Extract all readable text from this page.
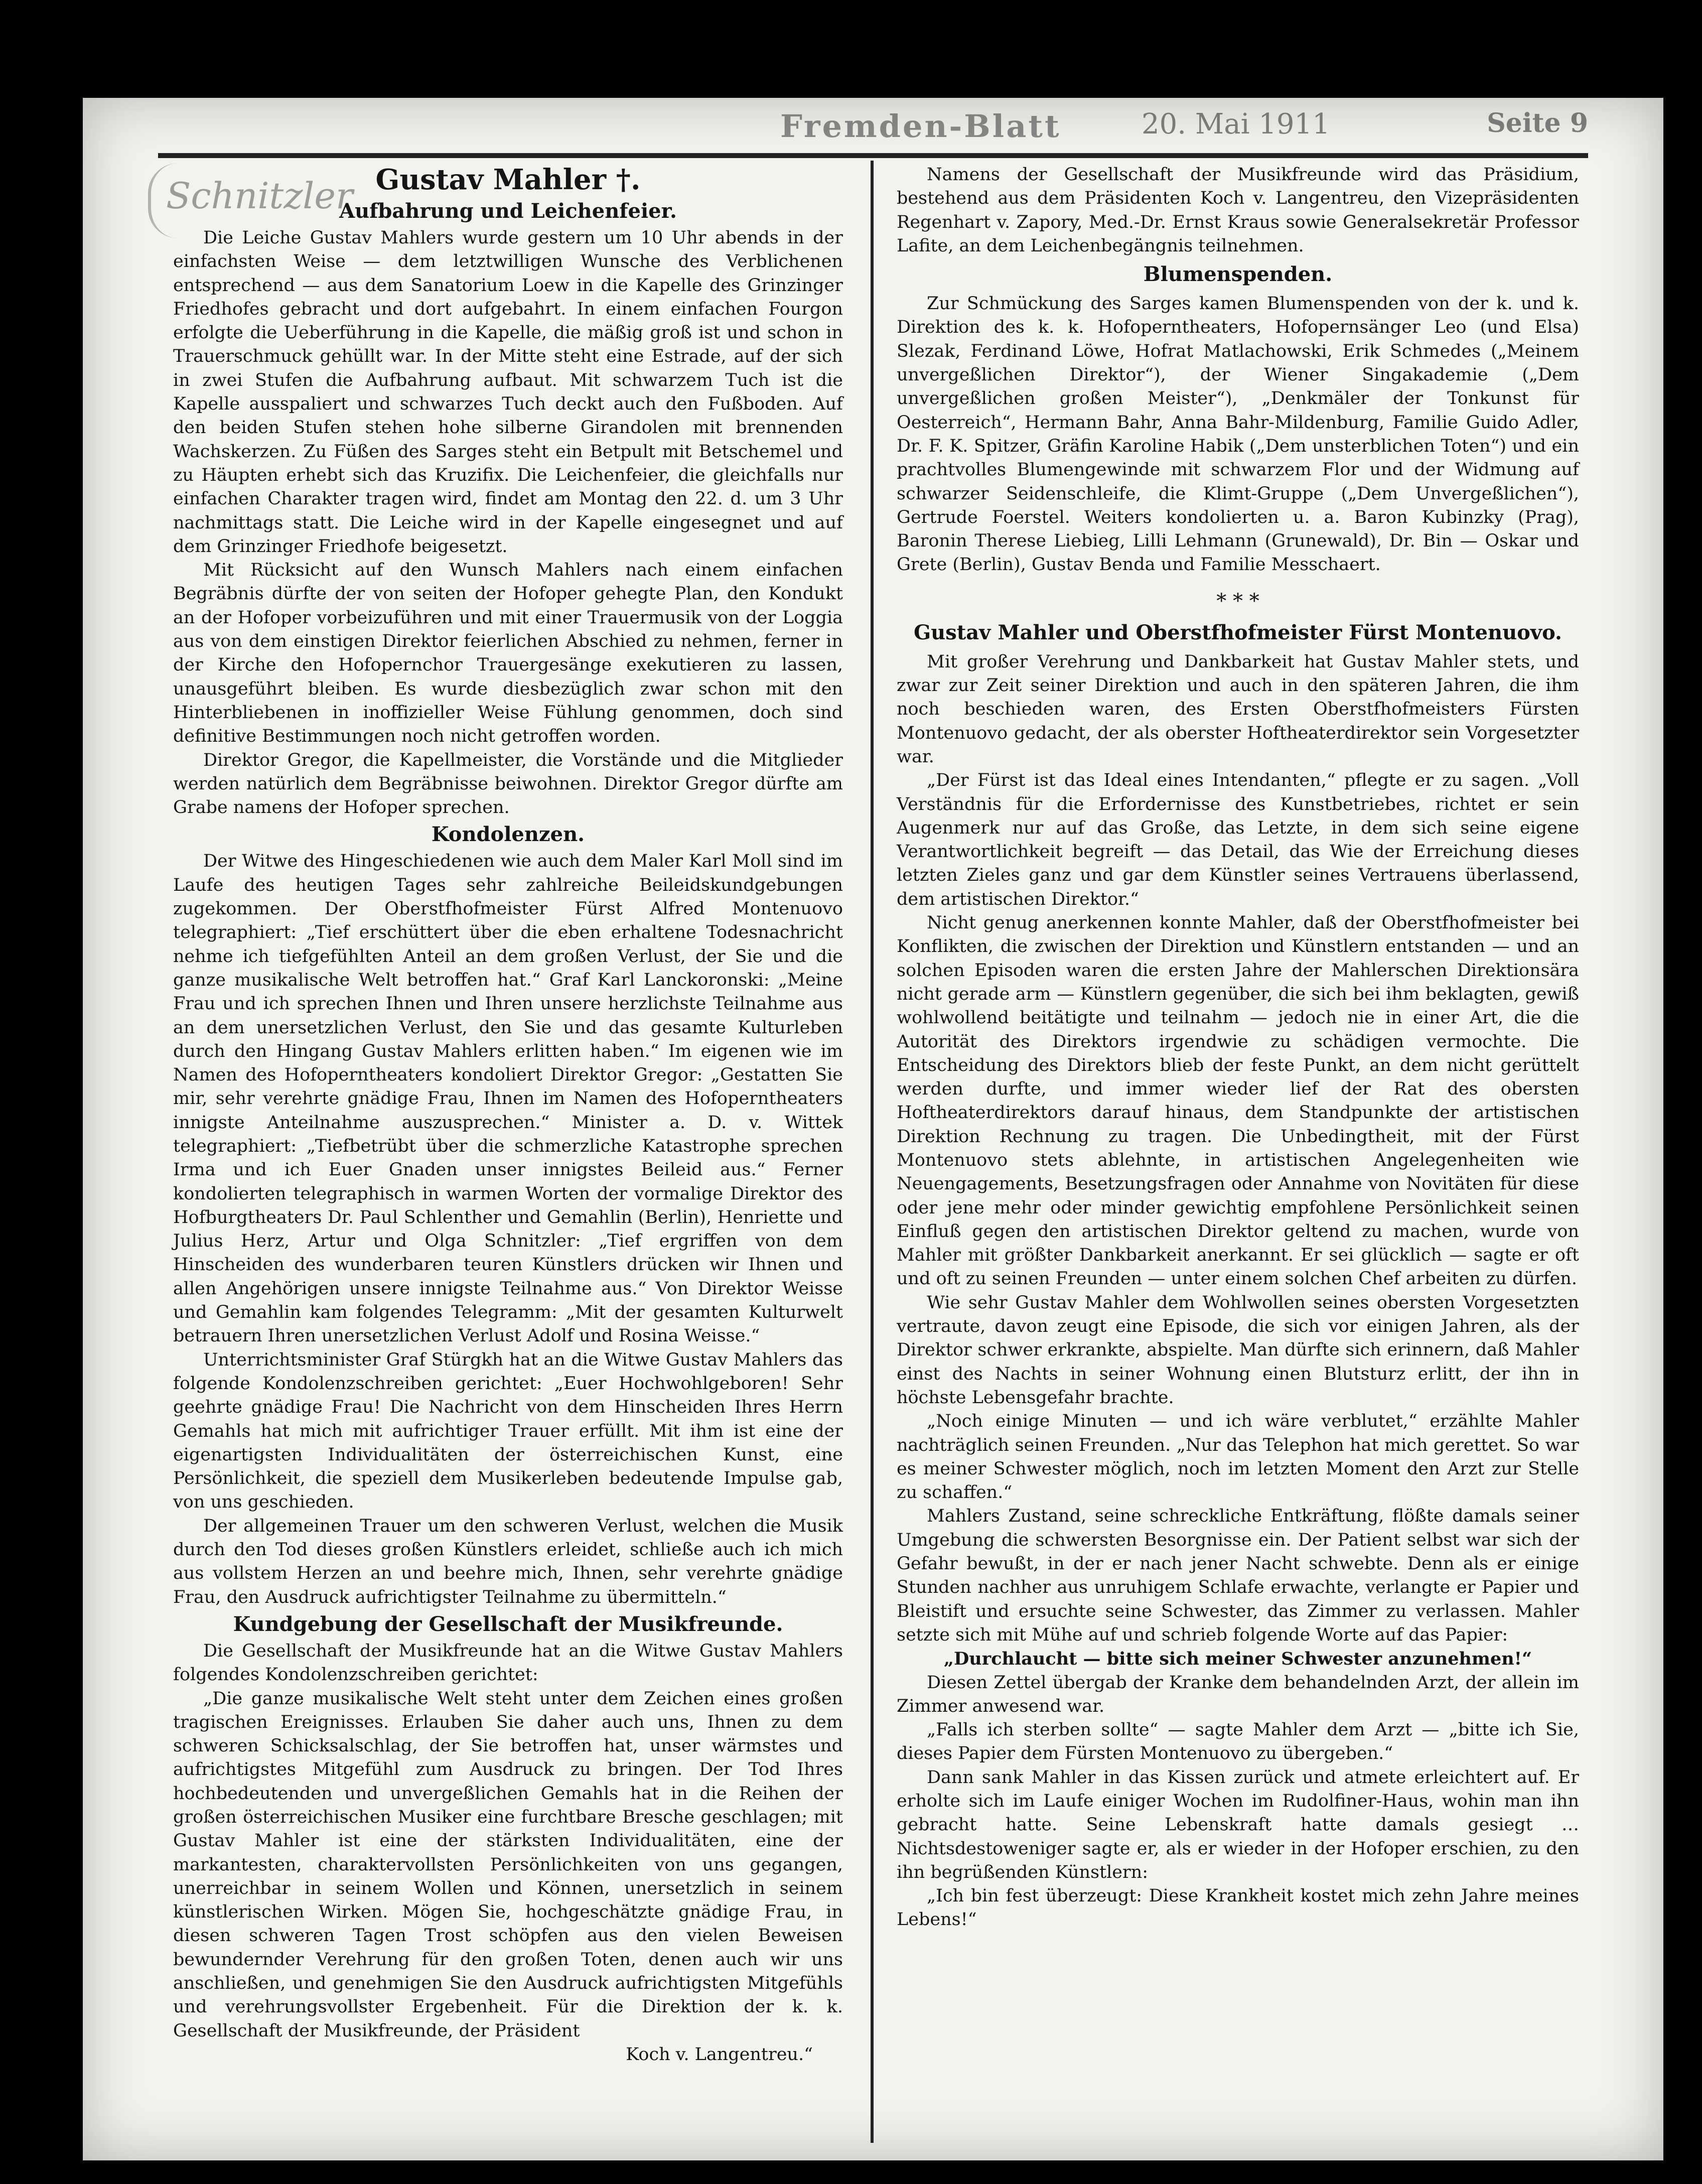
Fremden-Blatt	20. Mai 1911	Seite 9
Schnitzler Gustav Mahler †.
Aufbahrung und Leichenfeier.

Die Leiche Gustav Mahlers wurde gestern um 10 Uhr abends in der einfachsten Weise — dem letztwilligen Wunsche des Verblichenen entsprechend — aus dem Sanatorium Loew in die Kapelle des Grinzinger Friedhofes gebracht und dort aufgebahrt. In einem einfachen Fourgon erfolgte die Ueberführung in die Kapelle, die mäßig groß ist und schon in Trauerschmuck gehüllt war. In der Mitte steht eine Estrade, auf der sich in zwei Stufen die Aufbahrung aufbaut. Mit schwarzem Tuch ist die Kapelle ausspaliert und schwarzes Tuch deckt auch den Fußboden. Auf den beiden Stufen stehen hohe silberne Girandolen mit brennenden Wachskerzen. Zu Füßen des Sarges steht ein Betpult mit Betschemel und zu Häupten erhebt sich das Kruzifix. Die Leichenfeier, die gleichfalls nur einfachen Charakter tragen wird, findet am Montag den 22. d. um 3 Uhr nachmittags statt. Die Leiche wird in der Kapelle eingesegnet und auf dem Grinzinger Friedhofe beigesetzt.

Mit Rücksicht auf den Wunsch Mahlers nach einem einfachen Begräbnis dürfte der von seiten der Hofoper gehegte Plan, den Kondukt an der Hofoper vorbeizuführen und mit einer Trauermusik von der Loggia aus von dem einstigen Direktor feierlichen Abschied zu nehmen, ferner in der Kirche den Hofopernchor Trauergesänge exekutieren zu lassen, unausgeführt bleiben. Es wurde diesbezüglich zwar schon mit den Hinterbliebenen in inoffizieller Weise Fühlung genommen, doch sind definitive Bestimmungen noch nicht getroffen worden.

Direktor Gregor, die Kapellmeister, die Vorstände und die Mitglieder werden natürlich dem Begräbnisse beiwohnen. Direktor Gregor dürfte am Grabe namens der Hofoper sprechen.

Kondolenzen.

Der Witwe des Hingeschiedenen wie auch dem Maler Karl Moll sind im Laufe des heutigen Tages sehr zahlreiche Beileidskundgebungen zugekommen. Der Oberstfhofmeister Fürst Alfred Montenuovo telegraphiert: „Tief erschüttert über die eben erhaltene Todesnachricht nehme ich tiefgefühlten Anteil an dem großen Verlust, der Sie und die ganze musikalische Welt betroffen hat.“ Graf Karl Lanckoronski: „Meine Frau und ich sprechen Ihnen und Ihren unsere herzlichste Teilnahme aus an dem unersetzlichen Verlust, den Sie und das gesamte Kulturleben durch den Hingang Gustav Mahlers erlitten haben.“ Im eigenen wie im Namen des Hofoperntheaters kondoliert Direktor Gregor: „Gestatten Sie mir, sehr verehrte gnädige Frau, Ihnen im Namen des Hofoperntheaters innigste Anteilnahme auszusprechen.“ Minister a. D. v. Wittek telegraphiert: „Tiefbetrübt über die schmerzliche Katastrophe sprechen Irma und ich Euer Gnaden unser innigstes Beileid aus.“ Ferner kondolierten telegraphisch in warmen Worten der vormalige Direktor des Hofburgtheaters Dr. Paul Schlenther und Gemahlin (Berlin), Henriette und Julius Herz, Artur und Olga Schnitzler: „Tief ergriffen von dem Hinscheiden des wunderbaren teuren Künstlers drücken wir Ihnen und allen Angehörigen unsere innigste Teilnahme aus.“ Von Direktor Weisse und Gemahlin kam folgendes Telegramm: „Mit der gesamten Kulturwelt betrauern Ihren unersetzlichen Verlust Adolf und Rosina Weisse.“

Unterrichtsminister Graf Stürgkh hat an die Witwe Gustav Mahlers das folgende Kondolenzschreiben gerichtet: „Euer Hochwohlgeboren! Sehr geehrte gnädige Frau! Die Nachricht von dem Hinscheiden Ihres Herrn Gemahls hat mich mit aufrichtiger Trauer erfüllt. Mit ihm ist eine der eigenartigsten Individualitäten der österreichischen Kunst, eine Persönlichkeit, die speziell dem Musikerleben bedeutende Impulse gab, von uns geschieden.

Der allgemeinen Trauer um den schweren Verlust, welchen die Musik durch den Tod dieses großen Künstlers erleidet, schließe auch ich mich aus vollstem Herzen an und beehre mich, Ihnen, sehr verehrte gnädige Frau, den Ausdruck aufrichtigster Teilnahme zu übermitteln.“

Kundgebung der Gesellschaft der Musikfreunde.

Die Gesellschaft der Musikfreunde hat an die Witwe Gustav Mahlers folgendes Kondolenzschreiben gerichtet:

„Die ganze musikalische Welt steht unter dem Zeichen eines großen tragischen Ereignisses. Erlauben Sie daher auch uns, Ihnen zu dem schweren Schicksalschlag, der Sie betroffen hat, unser wärmstes und aufrichtigstes Mitgefühl zum Ausdruck zu bringen. Der Tod Ihres hochbedeutenden und unvergeßlichen Gemahls hat in die Reihen der großen österreichischen Musiker eine furchtbare Bresche geschlagen; mit Gustav Mahler ist eine der stärksten Individualitäten, eine der markantesten, charaktervollsten Persönlichkeiten von uns gegangen, unerreichbar in seinem Wollen und Können, unersetzlich in seinem künstlerischen Wirken. Mögen Sie, hochgeschätzte gnädige Frau, in diesen schweren Tagen Trost schöpfen aus den vielen Beweisen bewundernder Verehrung für den großen Toten, denen auch wir uns anschließen, und genehmigen Sie den Ausdruck aufrichtigsten Mitgefühls und verehrungsvollster Ergebenheit. Für die Direktion der k. k. Gesellschaft der Musikfreunde, der Präsident

Koch v. Langentreu.“

Namens der Gesellschaft der Musikfreunde wird das Präsidium, bestehend aus dem Präsidenten Koch v. Langentreu, den Vizepräsidenten Regenhart v. Zapory, Med.-Dr. Ernst Kraus sowie Generalsekretär Professor Lafite, an dem Leichenbegängnis teilnehmen.

Blumenspenden.

Zur Schmückung des Sarges kamen Blumenspenden von der k. und k. Direktion des k. k. Hofoperntheaters, Hofopernsänger Leo (und Elsa) Slezak, Ferdinand Löwe, Hofrat Matlachowski, Erik Schmedes („Meinem unvergeßlichen Direktor“), der Wiener Singakademie („Dem unvergeßlichen großen Meister“), „Denkmäler der Tonkunst für Oesterreich“, Hermann Bahr, Anna Bahr-Mildenburg, Familie Guido Adler, Dr. F. K. Spitzer, Gräfin Karoline Habik („Dem unsterblichen Toten“) und ein prachtvolles Blumengewinde mit schwarzem Flor und der Widmung auf schwarzer Seidenschleife, die Klimt-Gruppe („Dem Unvergeßlichen“), Gertrude Foerstel. Weiters kondolierten u. a. Baron Kubinzky (Prag), Baronin Therese Liebieg, Lilli Lehmann (Grunewald), Dr. Bin — Oskar und Grete (Berlin), Gustav Benda und Familie Messchaert.

* * *
Gustav Mahler und Oberstfhofmeister Fürst Montenuovo.

Mit großer Verehrung und Dankbarkeit hat Gustav Mahler stets, und zwar zur Zeit seiner Direktion und auch in den späteren Jahren, die ihm noch beschieden waren, des Ersten Oberstfhofmeisters Fürsten Montenuovo gedacht, der als oberster Hoftheaterdirektor sein Vorgesetzter war.

„Der Fürst ist das Ideal eines Intendanten,“ pflegte er zu sagen. „Voll Verständnis für die Erfordernisse des Kunstbetriebes, richtet er sein Augenmerk nur auf das Große, das Letzte, in dem sich seine eigene Verantwortlichkeit begreift — das Detail, das Wie der Erreichung dieses letzten Zieles ganz und gar dem Künstler seines Vertrauens überlassend, dem artistischen Direktor.“

Nicht genug anerkennen konnte Mahler, daß der Oberstfhofmeister bei Konflikten, die zwischen der Direktion und Künstlern entstanden — und an solchen Episoden waren die ersten Jahre der Mahlerschen Direktionsära nicht gerade arm — Künstlern gegenüber, die sich bei ihm beklagten, gewiß wohlwollend beitätigte und teilnahm — jedoch nie in einer Art, die die Autorität des Direktors irgendwie zu schädigen vermochte. Die Entscheidung des Direktors blieb der feste Punkt, an dem nicht gerüttelt werden durfte, und immer wieder lief der Rat des obersten Hoftheaterdirektors darauf hinaus, dem Standpunkte der artistischen Direktion Rechnung zu tragen. Die Unbedingtheit, mit der Fürst Montenuovo stets ablehnte, in artistischen Angelegenheiten wie Neuengagements, Besetzungsfragen oder Annahme von Novitäten für diese oder jene mehr oder minder gewichtig empfohlene Persönlichkeit seinen Einfluß gegen den artistischen Direktor geltend zu machen, wurde von Mahler mit größter Dankbarkeit anerkannt. Er sei glücklich — sagte er oft und oft zu seinen Freunden — unter einem solchen Chef arbeiten zu dürfen.

Wie sehr Gustav Mahler dem Wohlwollen seines obersten Vorgesetzten vertraute, davon zeugt eine Episode, die sich vor einigen Jahren, als der Direktor schwer erkrankte, abspielte. Man dürfte sich erinnern, daß Mahler einst des Nachts in seiner Wohnung einen Blutsturz erlitt, der ihn in höchste Lebensgefahr brachte.

„Noch einige Minuten — und ich wäre verblutet,“ erzählte Mahler nachträglich seinen Freunden. „Nur das Telephon hat mich gerettet. So war es meiner Schwester möglich, noch im letzten Moment den Arzt zur Stelle zu schaffen.“

Mahlers Zustand, seine schreckliche Entkräftung, flößte damals seiner Umgebung die schwersten Besorgnisse ein. Der Patient selbst war sich der Gefahr bewußt, in der er nach jener Nacht schwebte. Denn als er einige Stunden nachher aus unruhigem Schlafe erwachte, verlangte er Papier und Bleistift und ersuchte seine Schwester, das Zimmer zu verlassen. Mahler setzte sich mit Mühe auf und schrieb folgende Worte auf das Papier:

„Durchlaucht — bitte sich meiner Schwester anzunehmen!“

Diesen Zettel übergab der Kranke dem behandelnden Arzt, der allein im Zimmer anwesend war.

„Falls ich sterben sollte“ — sagte Mahler dem Arzt — „bitte ich Sie, dieses Papier dem Fürsten Montenuovo zu übergeben.“

Dann sank Mahler in das Kissen zurück und atmete erleichtert auf. Er erholte sich im Laufe einiger Wochen im Rudolfiner-Haus, wohin man ihn gebracht hatte. Seine Lebenskraft hatte damals gesiegt … Nichtsdestoweniger sagte er, als er wieder in der Hofoper erschien, zu den ihn begrüßenden Künstlern:

„Ich bin fest überzeugt: Diese Krankheit kostet mich zehn Jahre meines Lebens!“
